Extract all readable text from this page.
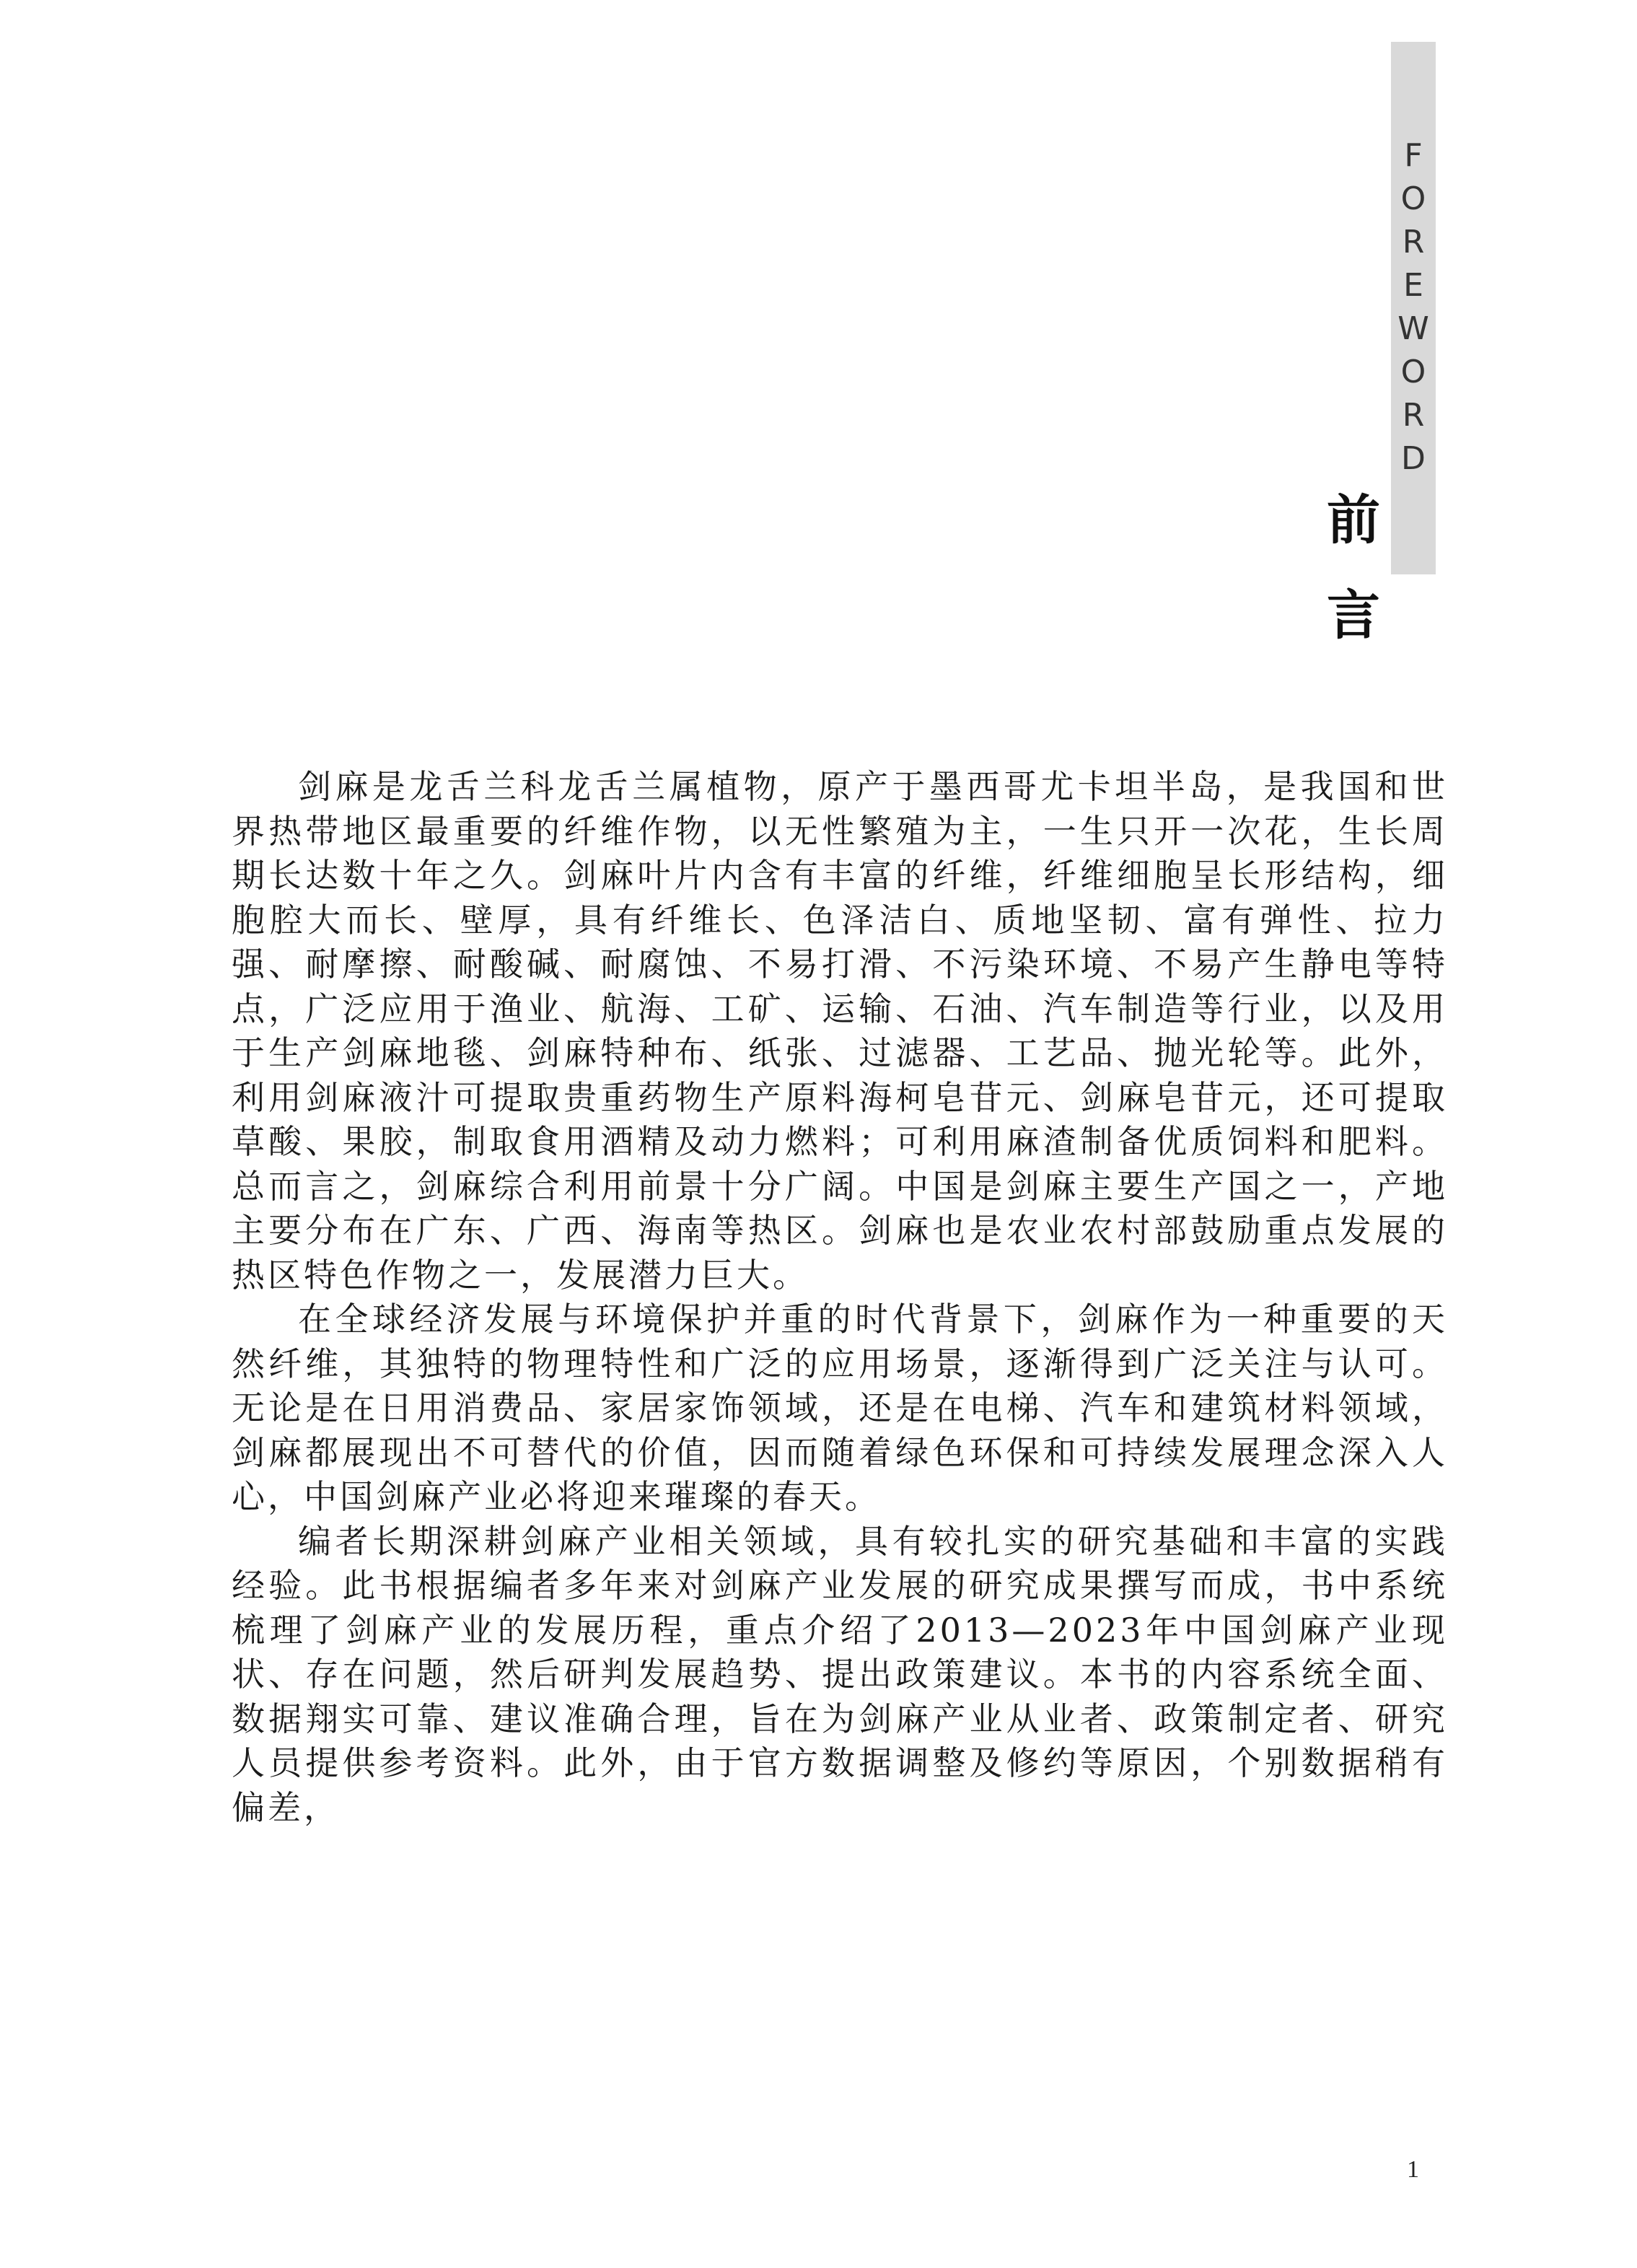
F
O
R
E
W
O
R
D
前
言

剑麻是龙舌兰科龙舌兰属植物，原产于墨西哥尤卡坦半岛，是我国和世界热带地区最重要的纤维作物，以无性繁殖为主，一生只开一次花，生长周期长达数十年之久。剑麻叶片内含有丰富的纤维，纤维细胞呈长形结构，细胞腔大而长、壁厚，具有纤维长、色泽洁白、质地坚韧、富有弹性、拉力强、耐摩擦、耐酸碱、耐腐蚀、不易打滑、不污染环境、不易产生静电等特点，广泛应用于渔业、航海、工矿、运输、石油、汽车制造等行业，以及用于生产剑麻地毯、剑麻特种布、纸张、过滤器、工艺品、抛光轮等。此外，利用剑麻液汁可提取贵重药物生产原料海柯皂苷元、剑麻皂苷元，还可提取草酸、果胶，制取食用酒精及动力燃料；可利用麻渣制备优质饲料和肥料。总而言之，剑麻综合利用前景十分广阔。中国是剑麻主要生产国之一，产地主要分布在广东、广西、海南等热区。剑麻也是农业农村部鼓励重点发展的热区特色作物之一，发展潜力巨大。

在全球经济发展与环境保护并重的时代背景下，剑麻作为一种重要的天然纤维，其独特的物理特性和广泛的应用场景，逐渐得到广泛关注与认可。无论是在日用消费品、家居家饰领域，还是在电梯、汽车和建筑材料领域，剑麻都展现出不可替代的价值，因而随着绿色环保和可持续发展理念深入人心，中国剑麻产业必将迎来璀璨的春天。

编者长期深耕剑麻产业相关领域，具有较扎实的研究基础和丰富的实践经验。此书根据编者多年来对剑麻产业发展的研究成果撰写而成，书中系统梳理了剑麻产业的发展历程，重点介绍了2013—2023年中国剑麻产业现状、存在问题，然后研判发展趋势、提出政策建议。本书的内容系统全面、数据翔实可靠、建议准确合理，旨在为剑麻产业从业者、政策制定者、研究人员提供参考资料。此外，由于官方数据调整及修约等原因，个别数据稍有偏差，

1
